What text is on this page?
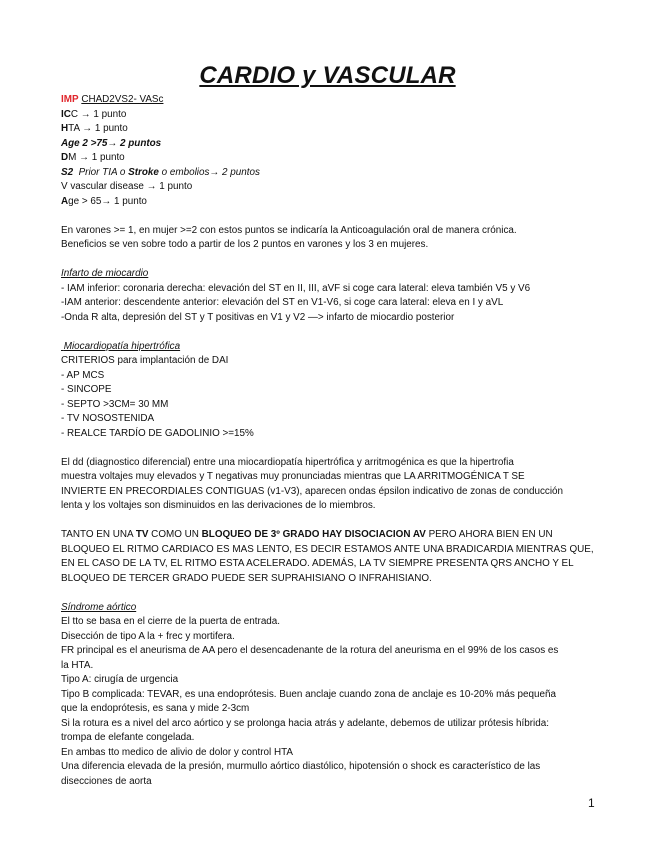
CARDIO y VASCULAR
IMP CHAD2VS2- VASc
ICC → 1 punto
HTA → 1 punto
Age 2 >75→ 2 puntos
DM → 1 punto
S2 Prior TIA o Stroke o embolios→ 2 puntos
V vascular disease → 1 punto
Age > 65→ 1 punto
En varones >= 1, en mujer >=2 con estos puntos se indicaría la Anticoagulación oral de manera crónica.
Beneficios se ven sobre todo a partir de los 2 puntos en varones y los 3 en mujeres.
Infarto de miocardio
- IAM inferior: coronaria derecha: elevación del ST en II, III, aVF si coge cara lateral: eleva también V5 y V6
-IAM anterior: descendente anterior: elevación del ST en V1-V6, si coge cara lateral: eleva en I y aVL
-Onda R alta, depresión del ST y T positivas en V1 y V2 —> infarto de miocardio posterior
Miocardiopatía hipertrófica
CRITERIOS para implantación de DAI
- AP MCS
- SINCOPE
- SEPTO >3CM= 30 MM
- TV NOSOSTENIDA
- REALCE TARDÍO DE GADOLINIO >=15%
El dd (diagnostico diferencial) entre una miocardiopatía hipertrófica y arritmogénica es que la hipertrofia
muestra voltajes muy elevados y T negativas muy pronunciadas mientras que LA ARRITMOGÉNICA T SE
INVIERTE EN PRECORDIALES CONTIGUAS (v1-V3), aparecen ondas épsilon indicativo de zonas de conducción
lenta y los voltajes son disminuidos en las derivaciones de lo miembros.
TANTO EN UNA TV COMO UN BLOQUEO DE 3º GRADO HAY DISOCIACION AV PERO AHORA BIEN EN UN
BLOQUEO EL RITMO CARDIACO ES MAS LENTO, ES DECIR ESTAMOS ANTE UNA BRADICARDIA MIENTRAS QUE,
EN EL CASO DE LA TV, EL RITMO ESTA ACELERADO. ADEMÁS, LA TV SIEMPRE PRESENTA QRS ANCHO Y EL
BLOQUEO DE TERCER GRADO PUEDE SER SUPRAHISIANO O INFRAHISIANO.
Síndrome aórtico
El tto se basa en el cierre de la puerta de entrada.
Disección de tipo A la + frec y mortifera.
FR principal es el aneurisma de AA pero el desencadenante de la rotura del aneurisma en el 99% de los casos es
la HTA.
Tipo A: cirugía de urgencia
Tipo B complicada: TEVAR, es una endoprótesis. Buen anclaje cuando zona de anclaje es 10-20% más pequeña
que la endoprótesis, es sana y mide 2-3cm
Si la rotura es a nivel del arco aórtico y se prolonga hacia atrás y adelante, debemos de utilizar prótesis híbrida:
trompa de elefante congelada.
En ambas tto medico de alivio de dolor y control HTA
Una diferencia elevada de la presión, murmullo aórtico diastólico, hipotensión o shock es característico de las
disecciones de aorta
1
